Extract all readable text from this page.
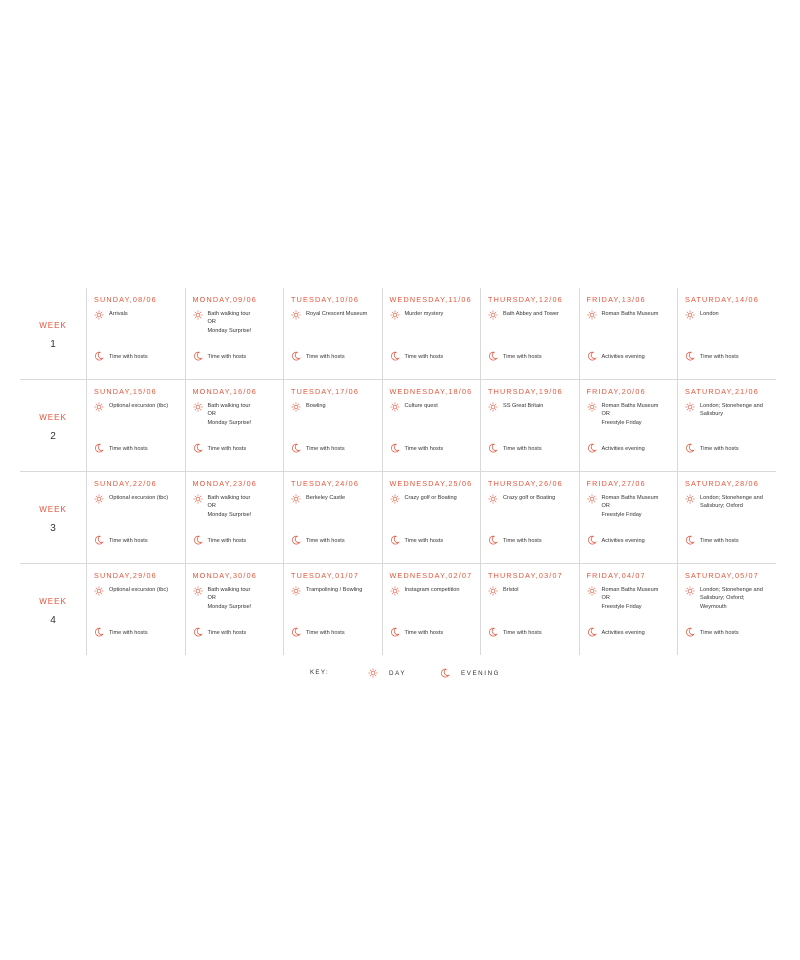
WEEK
1
SUNDAY,08/06
Arrivals
Time with hosts
MONDAY,09/06
Bath walking tour
OR
Monday Surprise!
Time with hosts
TUESDAY,10/06
Royal Crescent Museum
Time with hosts
WEDNESDAY,11/06
Murder mystery
Time with hosts
THURSDAY,12/06
Bath Abbey and Tower
Time with hosts
FRIDAY,13/06
Roman Baths Museum
Activities evening
SATURDAY,14/06
London
Time with hosts
WEEK
2
SUNDAY,15/06
Optional excursion (tbc)
Time with hosts
MONDAY,16/06
Bath walking tour
OR
Monday Surprise!
Time with hosts
TUESDAY,17/06
Bowling
Time with hosts
WEDNESDAY,18/06
Culture quest
Time with hosts
THURSDAY,19/06
SS Great Britain
Time with hosts
FRIDAY,20/06
Roman Baths Museum
OR
Freestyle Friday
Activities evening
SATURDAY,21/06
London; Stonehenge and
Salisbury
Time with hosts
WEEK
3
SUNDAY,22/06
Optional excursion (tbc)
Time with hosts
MONDAY,23/06
Bath walking tour
OR
Monday Surprise!
Time with hosts
TUESDAY,24/06
Berkeley Castle
Time with hosts
WEDNESDAY,25/06
Crazy golf or Boating
Time with hosts
THURSDAY,26/06
Crazy golf or Boating
Time with hosts
FRIDAY,27/06
Roman Baths Museum
OR
Freestyle Friday
Activities evening
SATURDAY,28/06
London; Stonehenge and
Salisbury; Oxford
Time with hosts
WEEK
4
SUNDAY,29/06
Optional excursion (tbc)
Time with hosts
MONDAY,30/06
Bath walking tour
OR
Monday Surprise!
Time with hosts
TUESDAY,01/07
Trampolining / Bowling
Time with hosts
WEDNESDAY,02/07
Instagram competition
Time with hosts
THURSDAY,03/07
Bristol
Time with hosts
FRIDAY,04/07
Roman Baths Museum
OR
Freestyle Friday
Activities evening
SATURDAY,05/07
London; Stonehenge and
Salisbury; Oxford;
Weymouth
Time with hosts
KEY:	DAY	EVENING
